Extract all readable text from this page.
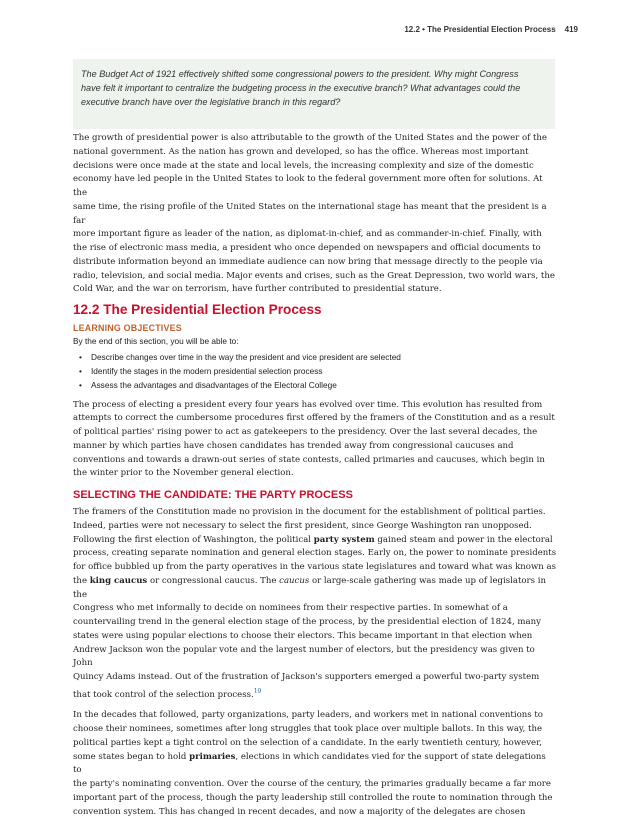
12.2 • The Presidential Election Process 419
The Budget Act of 1921 effectively shifted some congressional powers to the president. Why might Congress
have felt it important to centralize the budgeting process in the executive branch? What advantages could the
executive branch have over the legislative branch in this regard?

The growth of presidential power is also attributable to the growth of the United States and the power of the
national government. As the nation has grown and developed, so has the office. Whereas most important
decisions were once made at the state and local levels, the increasing complexity and size of the domestic
economy have led people in the United States to look to the federal government more often for solutions. At the
same time, the rising profile of the United States on the international stage has meant that the president is a far
more important figure as leader of the nation, as diplomat-in-chief, and as commander-in-chief. Finally, with
the rise of electronic mass media, a president who once depended on newspapers and official documents to
distribute information beyond an immediate audience can now bring that message directly to the people via
radio, television, and social media. Major events and crises, such as the Great Depression, two world wars, the
Cold War, and the war on terrorism, have further contributed to presidential stature.

12.2 The Presidential Election Process
LEARNING OBJECTIVES

By the end of this section, you will be able to:

• Describe changes over time in the way the president and vice president are selected
• Identify the stages in the modern presidential selection process
• Assess the advantages and disadvantages of the Electoral College

The process of electing a president every four years has evolved over time. This evolution has resulted from
attempts to correct the cumbersome procedures first offered by the framers of the Constitution and as a result
of political parties' rising power to act as gatekeepers to the presidency. Over the last several decades, the
manner by which parties have chosen candidates has trended away from congressional caucuses and
conventions and towards a drawn-out series of state contests, called primaries and caucuses, which begin in
the winter prior to the November general election.

SELECTING THE CANDIDATE: THE PARTY PROCESS

The framers of the Constitution made no provision in the document for the establishment of political parties.
Indeed, parties were not necessary to select the first president, since George Washington ran unopposed.
Following the first election of Washington, the political party system gained steam and power in the electoral
process, creating separate nomination and general election stages. Early on, the power to nominate presidents
for office bubbled up from the party operatives in the various state legislatures and toward what was known as
the king caucus or congressional caucus. The caucus or large-scale gathering was made up of legislators in the
Congress who met informally to decide on nominees from their respective parties. In somewhat of a
countervailing trend in the general election stage of the process, by the presidential election of 1824, many
states were using popular elections to choose their electors. This became important in that election when
Andrew Jackson won the popular vote and the largest number of electors, but the presidency was given to John
Quincy Adams instead. Out of the frustration of Jackson's supporters emerged a powerful two-party system
that took control of the selection process.$^{19}$

In the decades that followed, party organizations, party leaders, and workers met in national conventions to
choose their nominees, sometimes after long struggles that took place over multiple ballots. In this way, the
political parties kept a tight control on the selection of a candidate. In the early twentieth century, however,
some states began to hold primaries, elections in which candidates vied for the support of state delegations to
the party's nominating convention. Over the course of the century, the primaries gradually became a far more
important part of the process, though the party leadership still controlled the route to nomination through the
convention system. This has changed in recent decades, and now a majority of the delegates are chosen
